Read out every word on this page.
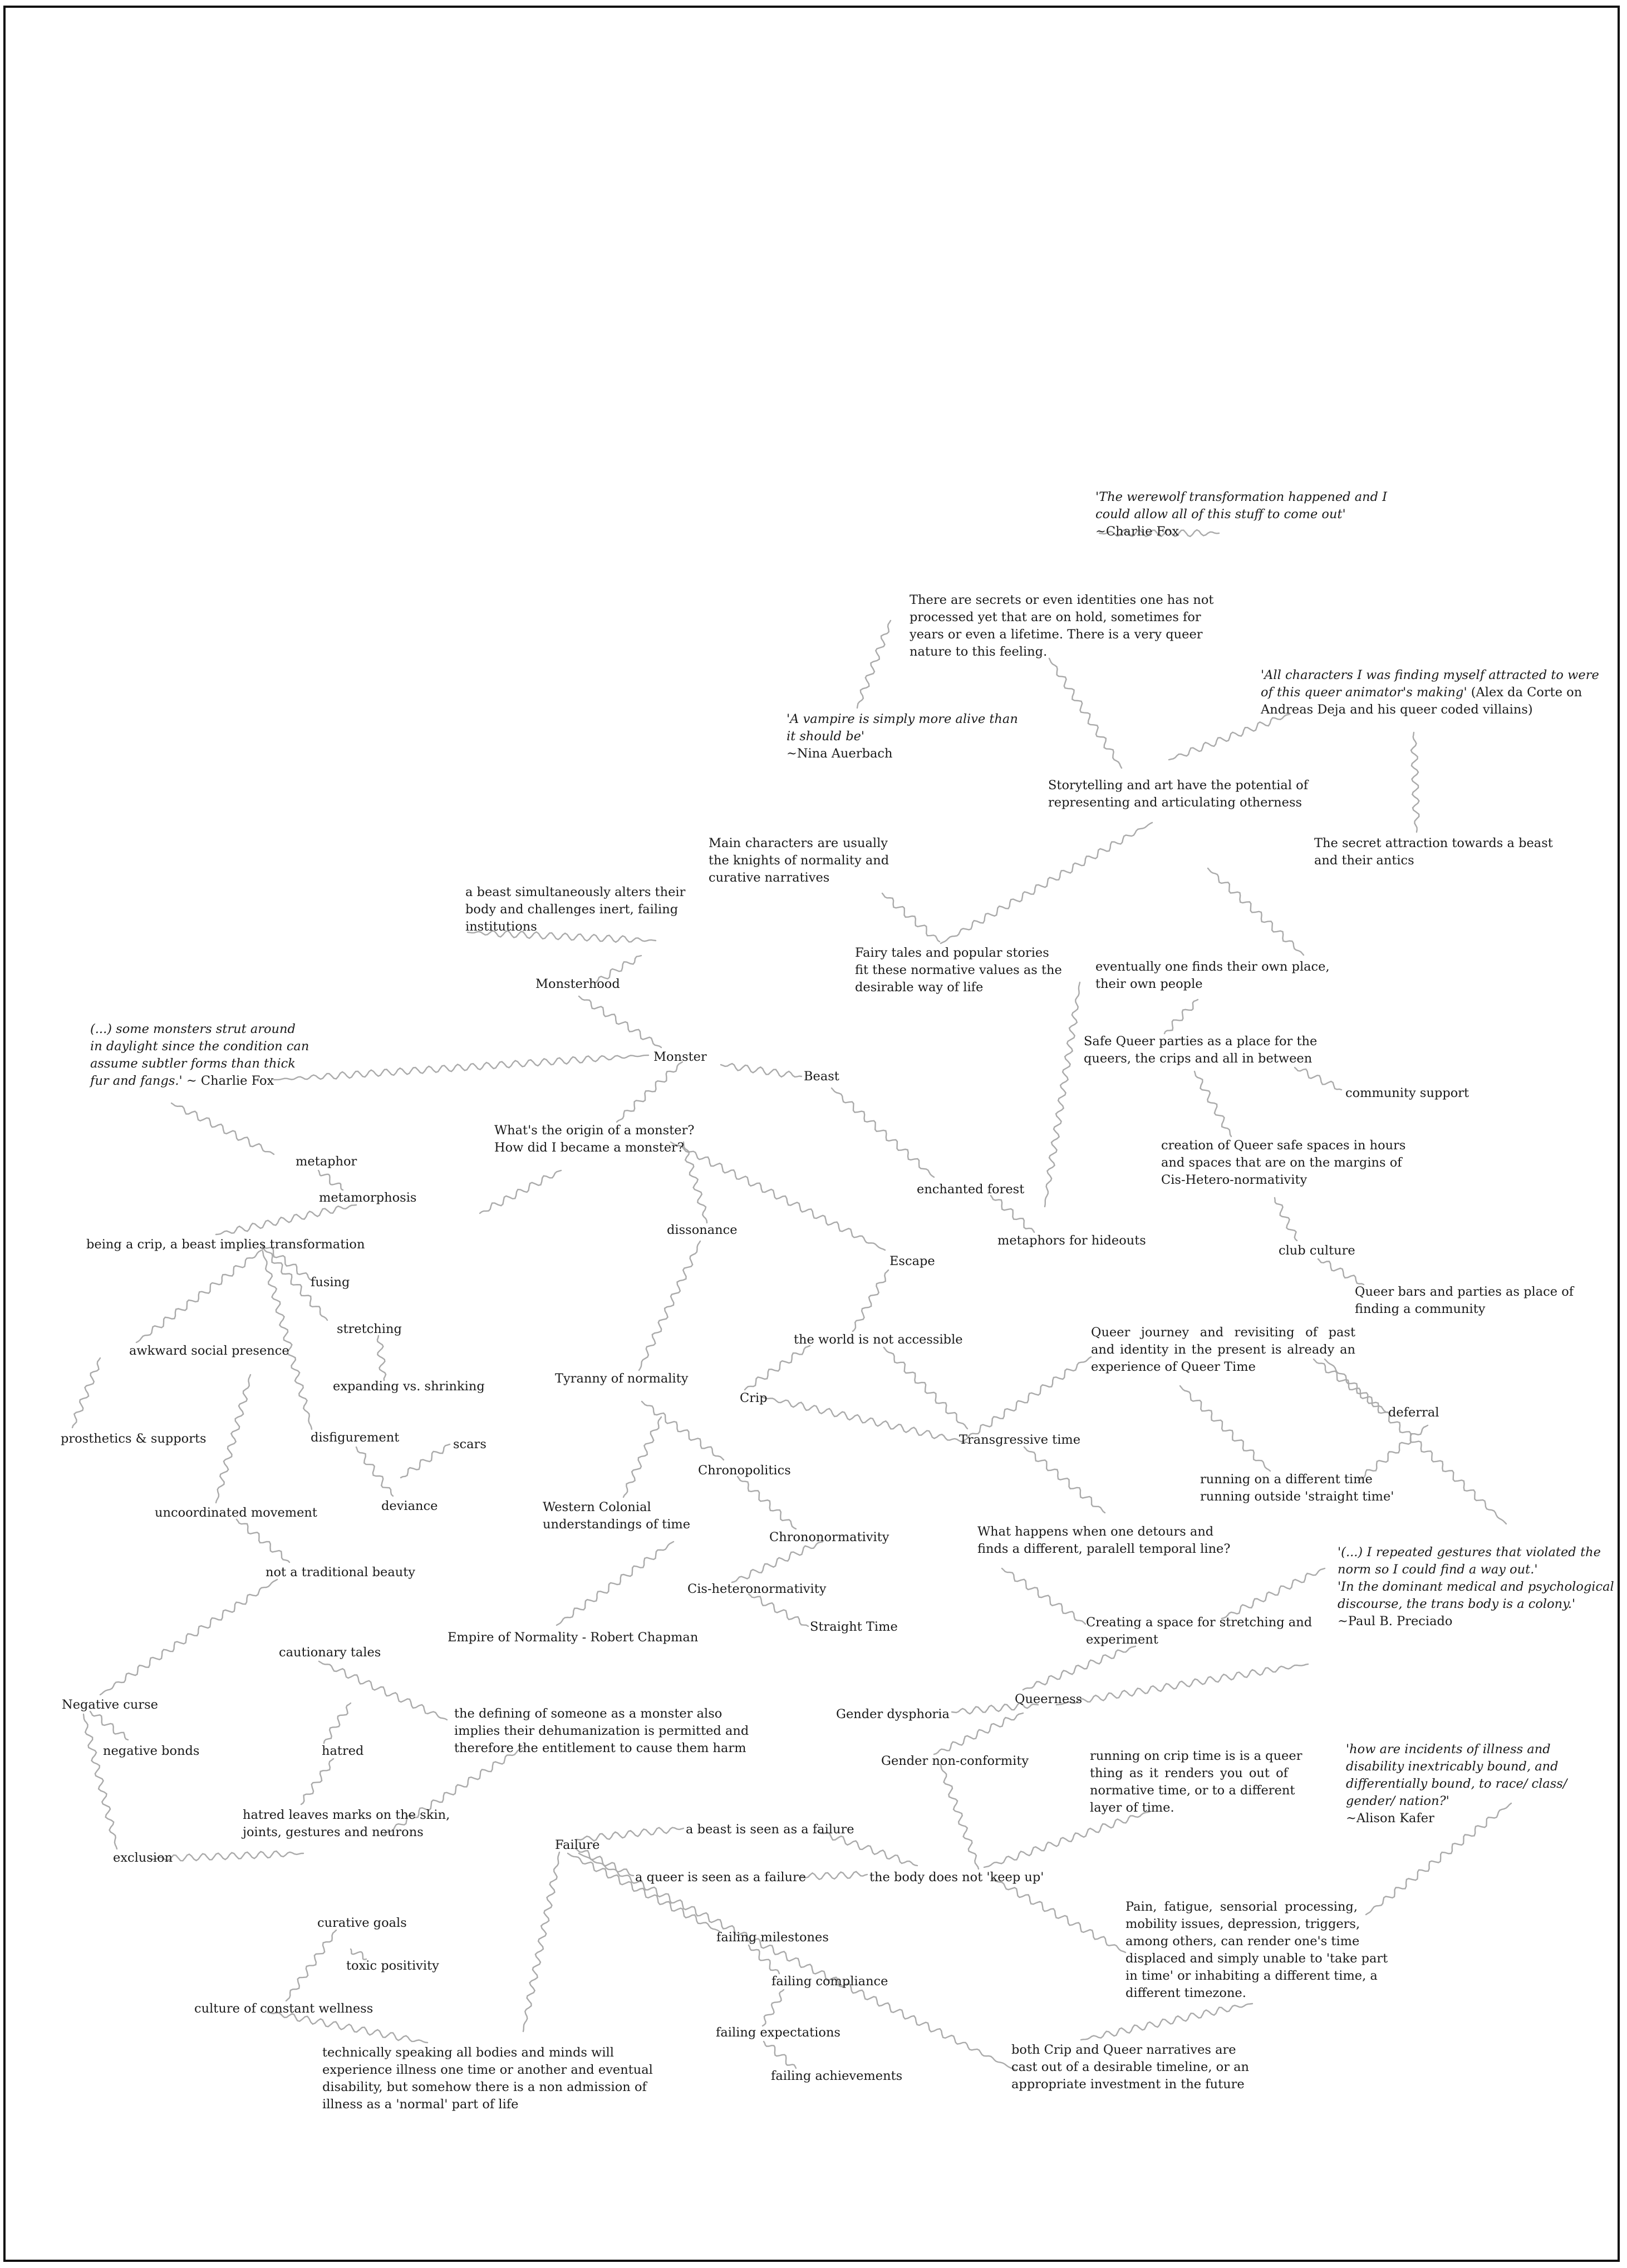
'The werewolf transformation happened and I
could allow all of this stuff to come out'
~Charlie Fox
There are secrets or even identities one has not
processed yet that are on hold, sometimes for
years or even a lifetime. There is a very queer
nature to this feeling.
'All characters I was finding myself attracted to were
of this queer animator's making' (Alex da Corte on
Andreas Deja and his queer coded villains)
'A vampire is simply more alive than
it should be'
~Nina Auerbach
Storytelling and art have the potential of
representing and articulating otherness
Main characters are usually
the knights of normality and
curative narratives
The secret attraction towards a beast
and their antics
a beast simultaneously alters their
body and challenges inert, failing
institutions
Fairy tales and popular stories
fit these normative values as the
desirable way of life
eventually one finds their own place,
their own people
Monsterhood
(...) some monsters strut around
in daylight since the condition can
assume subtler forms than thick
fur and fangs.' ~ Charlie Fox
Safe Queer parties as a place for the
queers, the crips and all in between
Monster
Beast
community support
What's the origin of a monster?
How did I became a monster?	creation of Queer safe spaces in hours
and spaces that are on the margins of
Cis-Hetero-normativity
metaphor
metamorphosis
enchanted forest
dissonance
metaphors for hideouts
being a crip, a beast implies transformation	club culture
Escape
fusing
Queer bars and parties as place of
finding a community
stretching	Queer journey and revisiting of past
and identity in the present is already an
experience of Queer Time
the world is not accessible
awkward social presence
Tyranny of normality
expanding vs. shrinking
Crip
deferral
prosthetics & supports	disfigurement	Transgressive time
scars
Chronopolitics
running on a different time
running outside 'straight time'
deviance
uncoordinated movement	Western Colonial
understandings of time
Chrononormativity	What happens when one detours and
finds a different, paralell temporal line?	'(...) I repeated gestures that violated the
norm so I could find a way out.'
'In the dominant medical and psychological
discourse, the trans body is a colony.'
~Paul B. Preciado
not a traditional beauty
Cis-heteronormativity
Creating a space for stretching and
experiment
Empire of Normality - Robert Chapman
Straight Time
cautionary tales
Queerness
Negative curse
the defining of someone as a monster also
implies their dehumanization is permitted and
therefore the entitlement to cause them harm
Gender dysphoria
negative bonds	hatred
Gender non-conformity	running on crip time is is a queer
thing as it renders you out of
normative time, or to a different
layer of time.
'how are incidents of illness and
disability inextricably bound, and
differentially bound, to race/ class/
gender/ nation?'
~Alison Kafer
hatred leaves marks on the skin,
joints, gestures and neurons	a beast is seen as a failure
Failure
exclusion
a queer is seen as a failure	the body does not 'keep up'
Pain, fatigue, sensorial processing,
mobility issues, depression, triggers,
among others, can render one's time
displaced and simply unable to 'take part
in time' or inhabiting a different time, a
different timezone.
curative goals
failing milestones
toxic positivity
failing compliance
culture of constant wellness
failing expectations
technically speaking all bodies and minds will
experience illness one time or another and eventual
disability, but somehow there is a non admission of
illness as a 'normal' part of life
both Crip and Queer narratives are
cast out of a desirable timeline, or an
appropriate investment in the future
failing achievements
